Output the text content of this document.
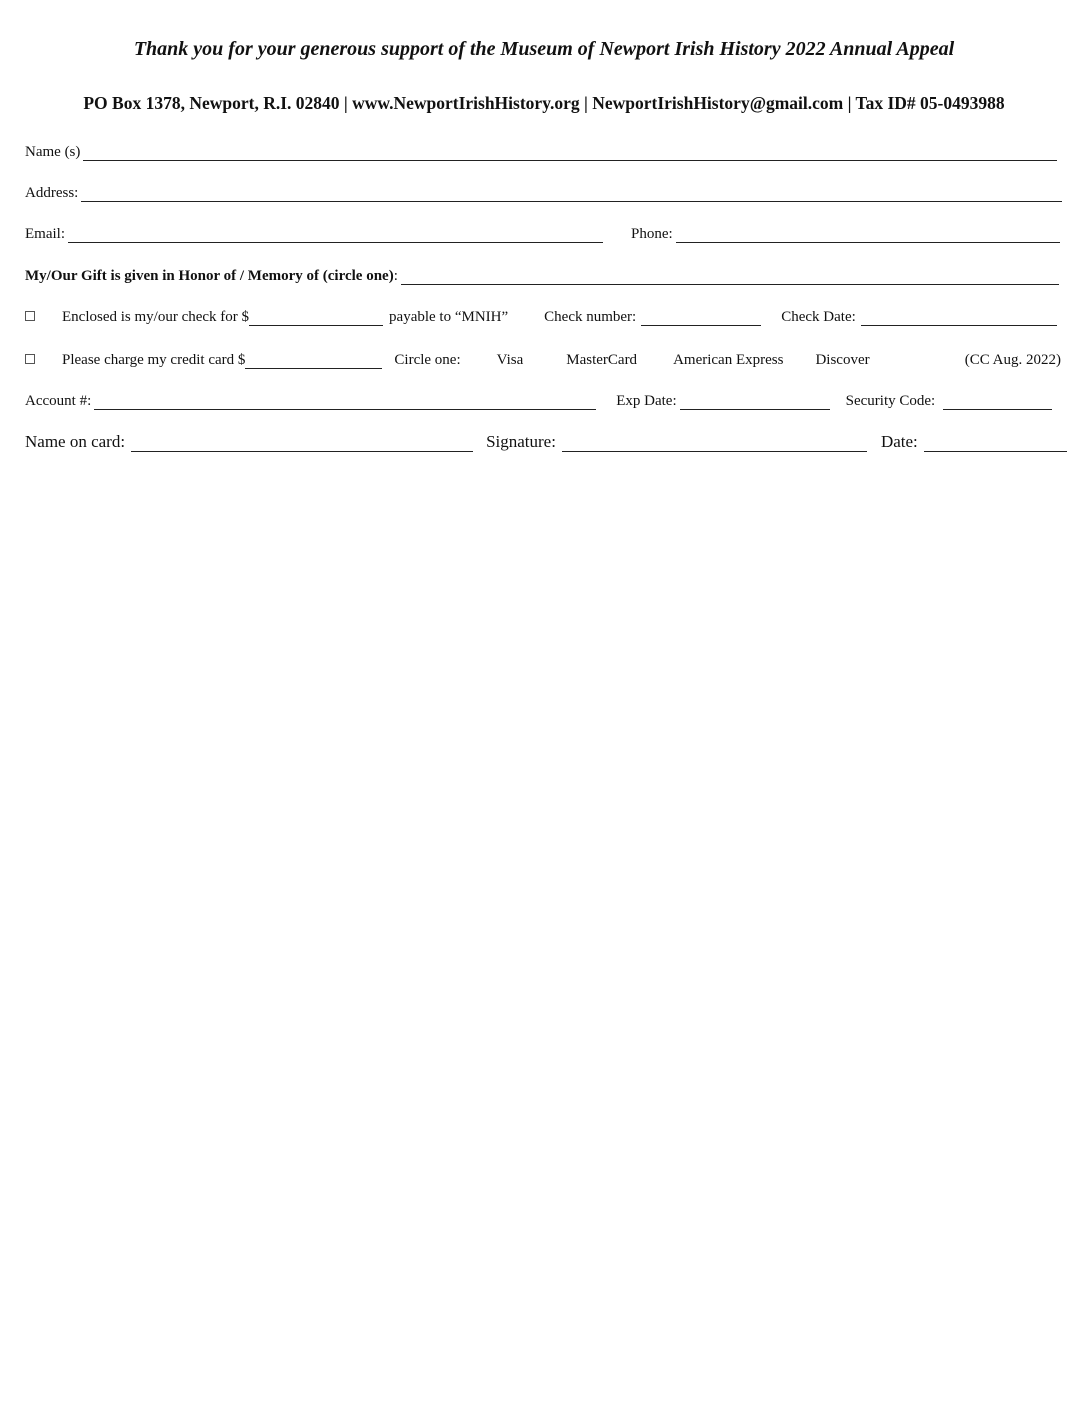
Thank you for your generous support of the Museum of Newport Irish History 2022 Annual Appeal
PO Box 1378, Newport, R.I. 02840 | www.NewportIrishHistory.org | NewportIrishHistory@gmail.com | Tax ID# 05-0493988
Name (s)
Address:
Email:	Phone:
My/Our Gift is given in Honor of / Memory of (circle one) :
Enclosed is my/our check for $	payable to “MNIH” Check number:	Check Date:
Please charge my credit card $	Circle one: Visa	MasterCard American Express Discover	(CC Aug. 2022)
Account #:	Exp Date:	Security Code:
Name on card:	Signature:	Date:
